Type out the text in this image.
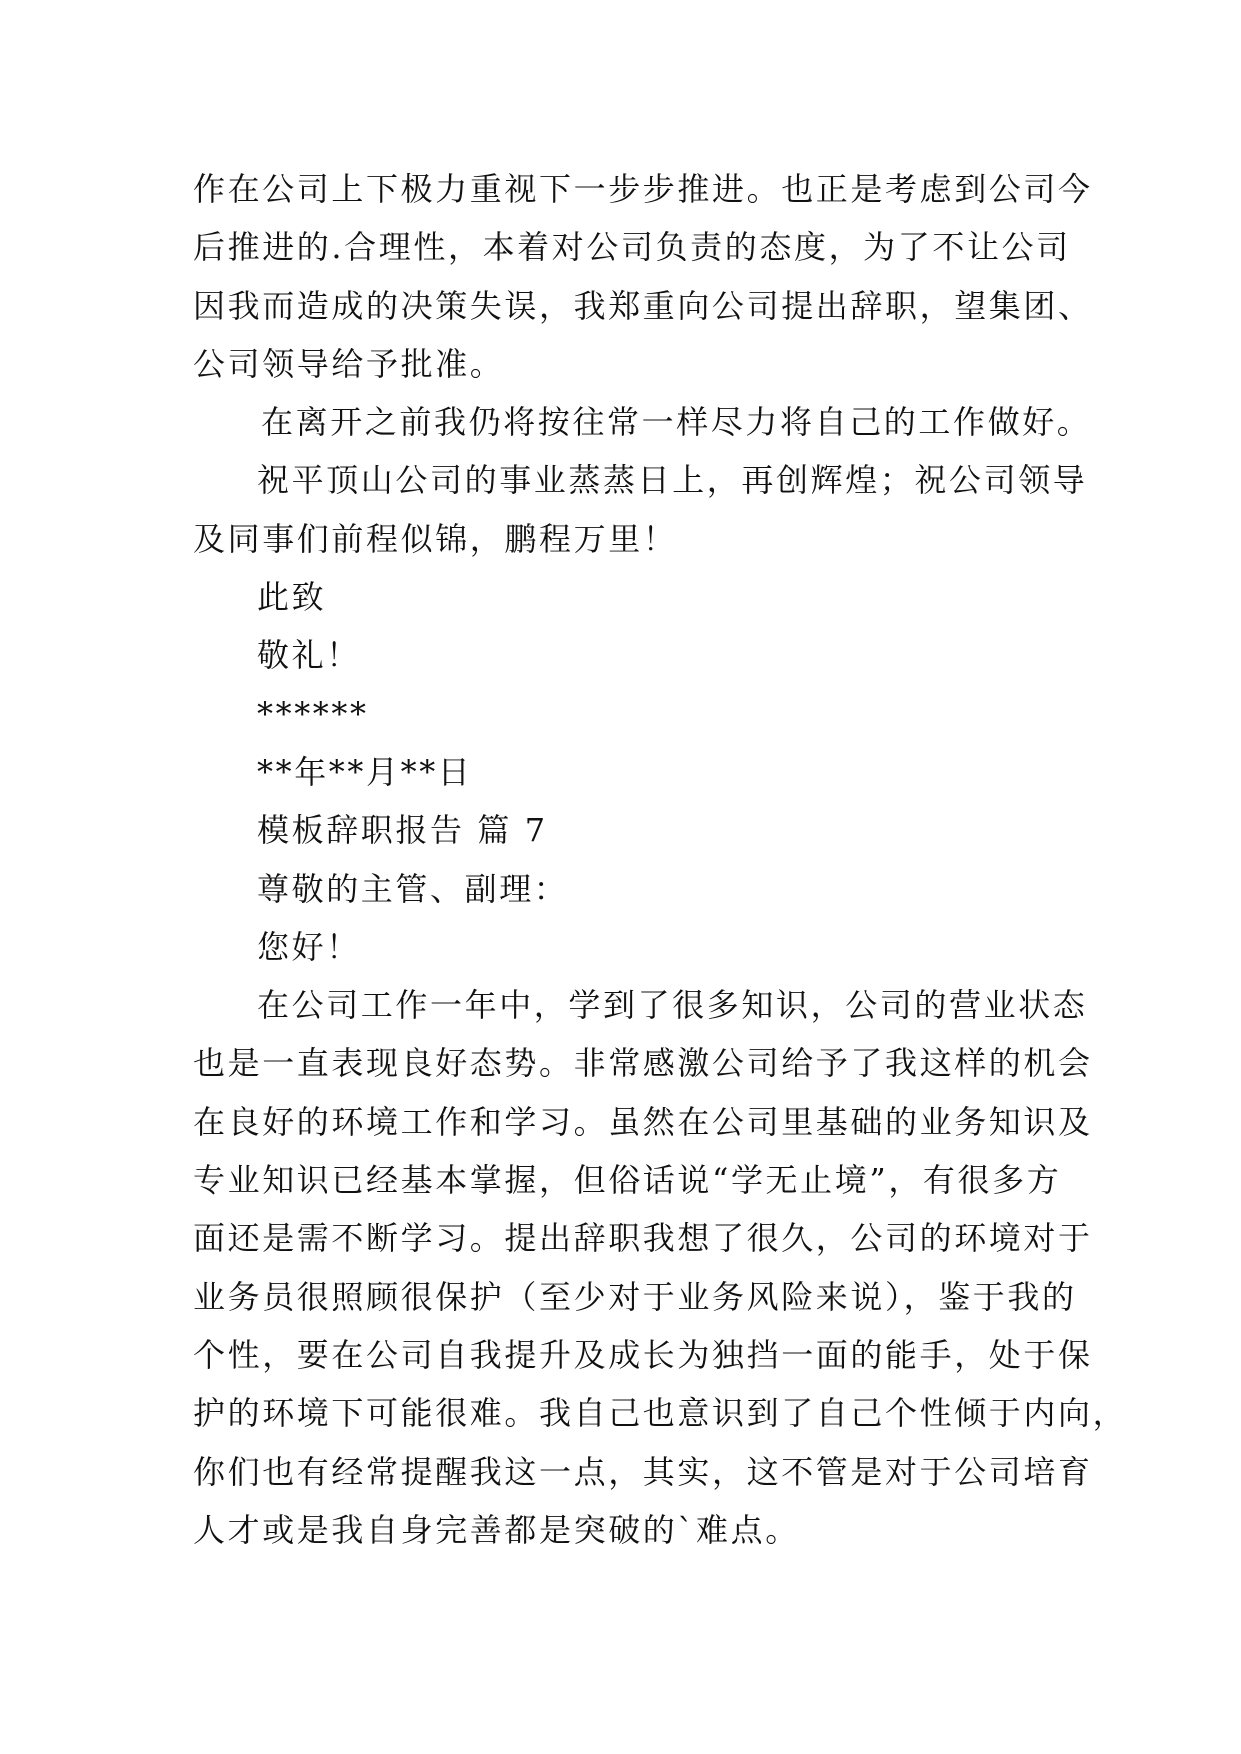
作在公司上下极力重视下一步步推进。也正是考虑到公司今
后推进的.合理性，本着对公司负责的态度，为了不让公司
因我而造成的决策失误，我郑重向公司提出辞职，望集团、
公司领导给予批准。
在离开之前我仍将按往常一样尽力将自己的工作做好。
祝平顶山公司的事业蒸蒸日上，再创辉煌；祝公司领导
及同事们前程似锦，鹏程万里！
此致
敬礼！
******
**年**月**日
模板辞职报告 篇 7
尊敬的主管、副理：
您好！
在公司工作一年中，学到了很多知识，公司的营业状态
也是一直表现良好态势。非常感激公司给予了我这样的机会
在良好的环境工作和学习。虽然在公司里基础的业务知识及
专业知识已经基本掌握，但俗话说“学无止境”，有很多方
面还是需不断学习。提出辞职我想了很久，公司的环境对于
业务员很照顾很保护（至少对于业务风险来说），鉴于我的
个性，要在公司自我提升及成长为独挡一面的能手，处于保
护的环境下可能很难。我自己也意识到了自己个性倾于内向，
你们也有经常提醒我这一点，其实，这不管是对于公司培育
人才或是我自身完善都是突破的`难点。
